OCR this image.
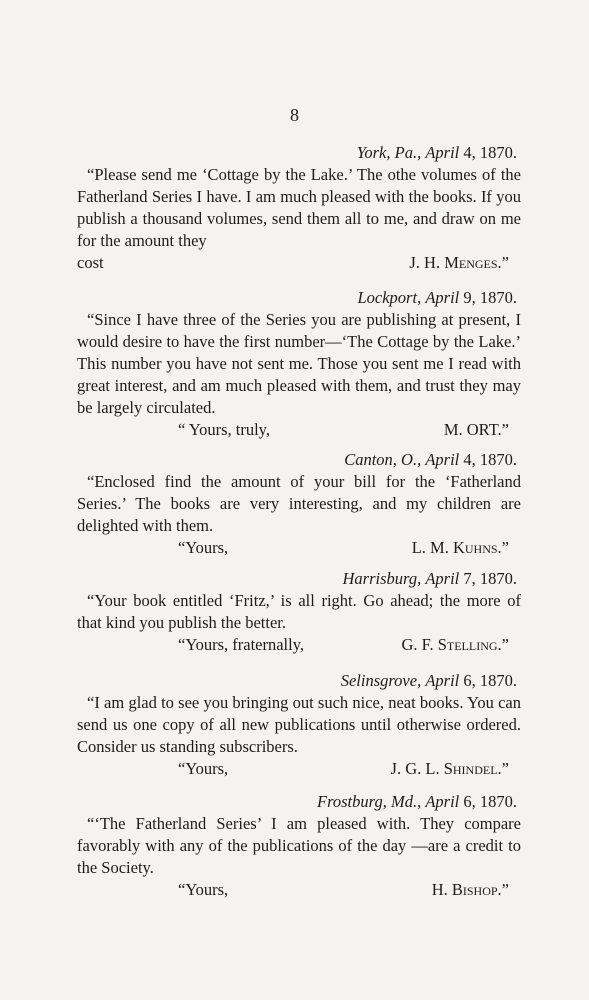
8
York, Pa., April 4, 1870.
“Please send me ‘Cottage by the Lake.’ The othe volumes of the Fatherland Series I have. I am much pleased with the books. If you publish a thousand volumes, send them all to me, and draw on me for the amount they
cost	J. H. Menges.”
Lockport, April 9, 1870.
“Since I have three of the Series you are publishing at present, I would desire to have the first number—‘The Cottage by the Lake.’ This number you have not sent me. Those you sent me I read with great interest, and am much pleased with them, and trust they may be largely circulated.
“ Yours, truly,	M. ORT.”
Canton, O., April 4, 1870.
“Enclosed find the amount of your bill for the ‘Fatherland Series.’ The books are very interesting, and my children are delighted with them.
“Yours,	L. M. Kuhns.”
Harrisburg, April 7, 1870.
“Your book entitled ‘Fritz,’ is all right. Go ahead; the more of that kind you publish the better.
“Yours, fraternally,	G. F. Stelling.”
Selinsgrove, April 6, 1870.
“I am glad to see you bringing out such nice, neat books. You can send us one copy of all new publications until otherwise ordered. Consider us standing subscribers.
“Yours,	J. G. L. Shindel.”
Frostburg, Md., April 6, 1870.
“‘The Fatherland Series’ I am pleased with. They compare favorably with any of the publications of the day —are a credit to the Society.
“Yours,	H. Bishop.”
